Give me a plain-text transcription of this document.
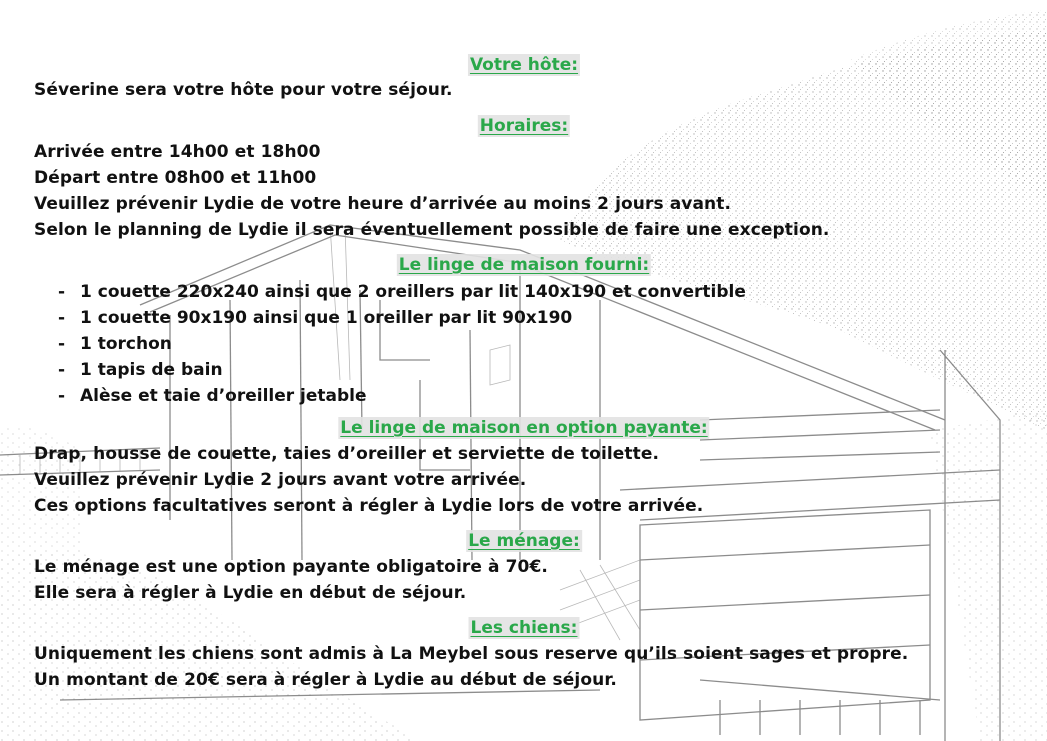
Votre hôte:

Séverine sera votre hôte pour votre séjour.

Horaires:

Arrivée entre 14h00 et 18h00

Départ entre 08h00 et 11h00

Veuillez prévenir Lydie de votre heure d’arrivée au moins 2 jours avant.

Selon le planning de Lydie il sera éventuellement possible de faire une exception.

Le linge de maison fourni:

- 1 couette 220x240 ainsi que 2 oreillers par lit 140x190 et convertible
- 1 couette 90x190 ainsi que 1 oreiller par lit 90x190
- 1 torchon
- 1 tapis de bain
- Alèse et taie d’oreiller jetable

Le linge de maison en option payante:

Drap, housse de couette, taies d’oreiller et serviette de toilette.

Veuillez prévenir Lydie 2 jours avant votre arrivée.

Ces options facultatives seront à régler à Lydie lors de votre arrivée.

Le ménage:

Le ménage est une option payante obligatoire à 70€.

Elle sera à régler à Lydie en début de séjour.

Les chiens:

Uniquement les chiens sont admis à La Meybel sous reserve qu’ils soient sages et propre.

Un montant de 20€ sera à régler à Lydie au début de séjour.
